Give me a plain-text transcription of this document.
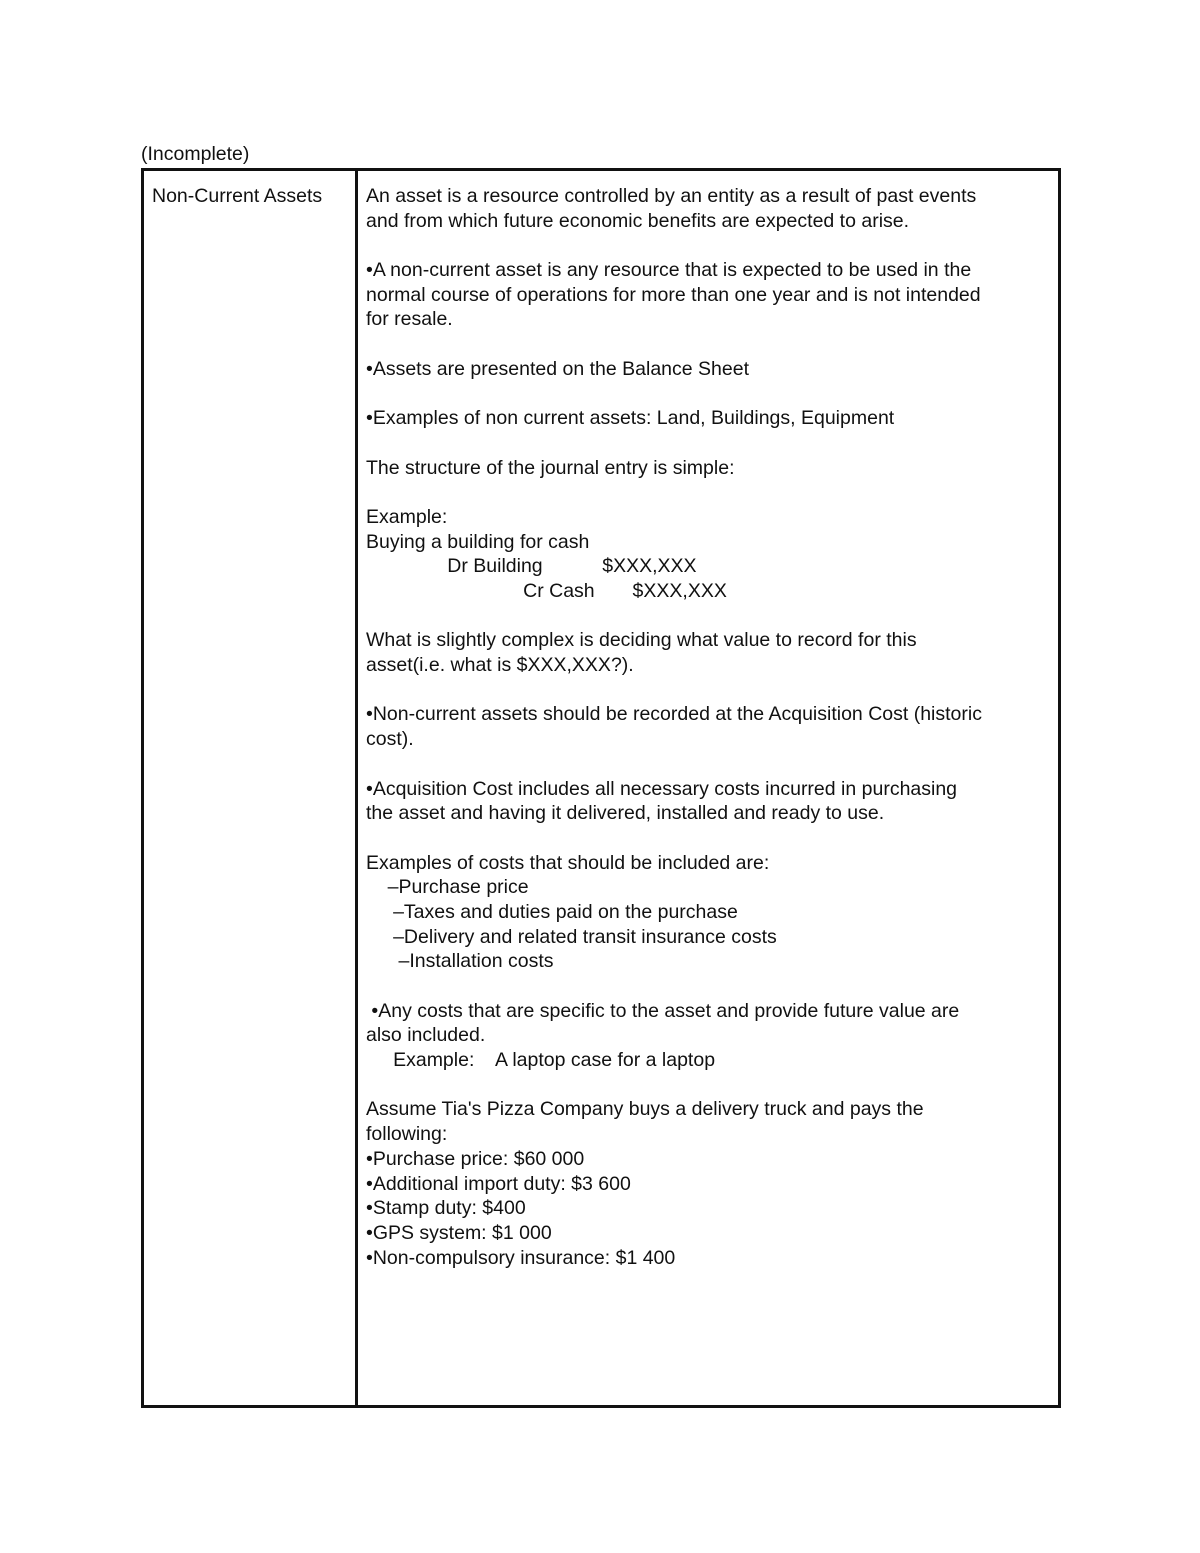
(Incomplete)
Non-Current Assets An asset is a resource controlled by an entity as a result of past events
and from which future economic benefits are expected to arise.
•A non-current asset is any resource that is expected to be used in the
normal course of operations for more than one year and is not intended
for resale.
•Assets are presented on the Balance Sheet
•Examples of non current assets: Land, Buildings, Equipment
The structure of the journal entry is simple:
Example:
Buying a building for cash
Dr Building           $XXX,XXX
Cr Cash       $XXX,XXX
What is slightly complex is deciding what value to record for this
asset(i.e. what is $XXX,XXX?).
•Non-current assets should be recorded at the Acquisition Cost (historic
cost).
•Acquisition Cost includes all necessary costs incurred in purchasing
the asset and having it delivered, installed and ready to use.
Examples of costs that should be included are:
–Purchase price
–Taxes and duties paid on the purchase
–Delivery and related transit insurance costs
–Installation costs
•Any costs that are specific to the asset and provide future value are
also included.
Example:    A laptop case for a laptop
Assume Tia's Pizza Company buys a delivery truck and pays the
following:
•Purchase price: $60 000
•Additional import duty: $3 600
•Stamp duty: $400
•GPS system: $1 000
•Non-compulsory insurance: $1 400
